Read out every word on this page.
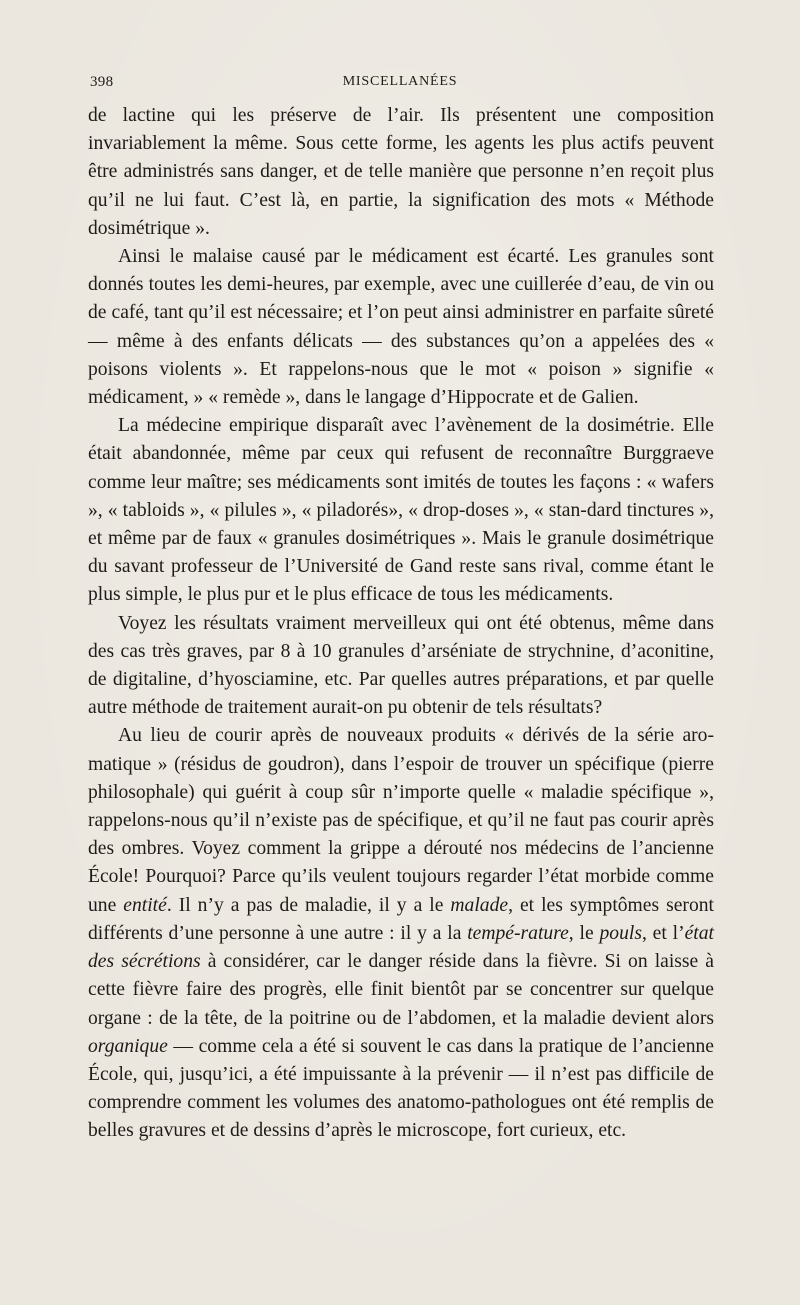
398	MISCELLANÉES

de lactine qui les préserve de l’air. Ils présentent une composition invariablement la même. Sous cette forme, les agents les plus actifs peuvent être administrés sans danger, et de telle manière que personne n’en reçoit plus qu’il ne lui faut. C’est là, en partie, la signification des mots « Méthode dosimétrique ».

Ainsi le malaise causé par le médicament est écarté. Les granules sont donnés toutes les demi-heures, par exemple, avec une cuillerée d’eau, de vin ou de café, tant qu’il est nécessaire; et l’on peut ainsi administrer en parfaite sûreté — même à des enfants délicats — des substances qu’on a appelées des « poisons violents ». Et rappelons-nous que le mot « poison » signifie « médicament, » « remède », dans le langage d’Hippocrate et de Galien.

La médecine empirique disparaît avec l’avènement de la dosimétrie. Elle était abandonnée, même par ceux qui refusent de reconnaître Burggraeve comme leur maître; ses médicaments sont imités de toutes les façons : « wafers », « tabloids », « pilules », « piladorés», « drop-doses », « stan-dard tinctures », et même par de faux « granules dosimétriques ». Mais le granule dosimétrique du savant professeur de l’Université de Gand reste sans rival, comme étant le plus simple, le plus pur et le plus efficace de tous les médicaments.

Voyez les résultats vraiment merveilleux qui ont été obtenus, même dans des cas très graves, par 8 à 10 granules d’arséniate de strychnine, d’aconitine, de digitaline, d’hyosciamine, etc. Par quelles autres préparations, et par quelle autre méthode de traitement aurait-on pu obtenir de tels résultats?

Au lieu de courir après de nouveaux produits « dérivés de la série aro-matique » (résidus de goudron), dans l’espoir de trouver un spécifique (pierre philosophale) qui guérit à coup sûr n’importe quelle « maladie spécifique », rappelons-nous qu’il n’existe pas de spécifique, et qu’il ne faut pas courir après des ombres. Voyez comment la grippe a dérouté nos médecins de l’ancienne École! Pourquoi? Parce qu’ils veulent toujours regarder l’état morbide comme une entité. Il n’y a pas de maladie, il y a le malade, et les symptômes seront différents d’une personne à une autre : il y a la tempé-rature, le pouls, et l’état des sécrétions à considérer, car le danger réside dans la fièvre. Si on laisse à cette fièvre faire des progrès, elle finit bientôt par se concentrer sur quelque organe : de la tête, de la poitrine ou de l’abdomen, et la maladie devient alors organique — comme cela a été si souvent le cas dans la pratique de l’ancienne École, qui, jusqu’ici, a été impuissante à la prévenir — il n’est pas difficile de comprendre comment les volumes des anatomo-pathologues ont été remplis de belles gravures et de dessins d’après le microscope, fort curieux, etc.
